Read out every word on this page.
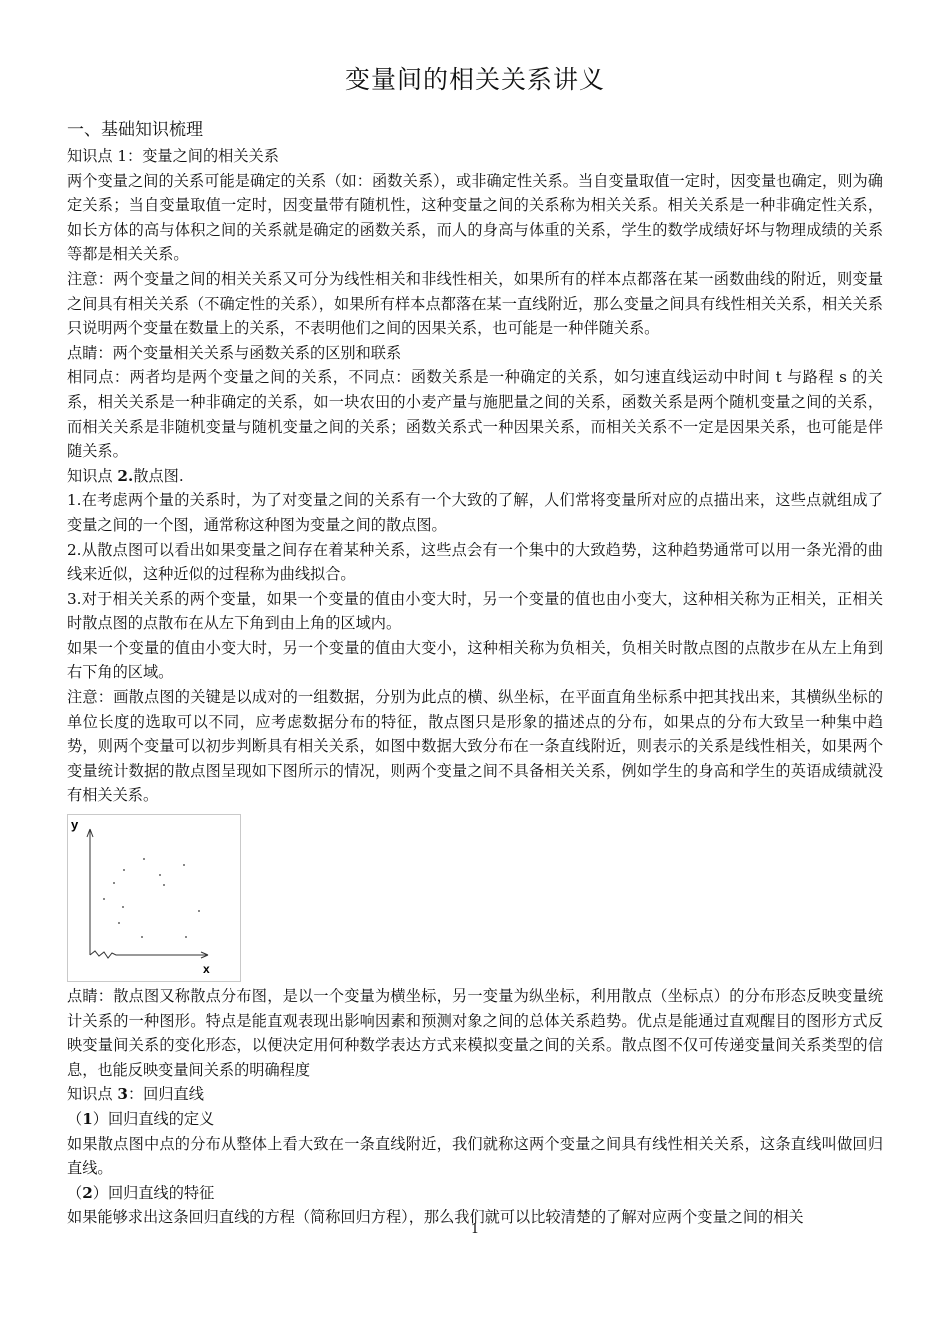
变量间的相关关系讲义

一、基础知识梳理

知识点 1：变量之间的相关关系

两个变量之间的关系可能是确定的关系（如：函数关系），或非确定性关系。当自变量取值一定时，因变量也确定，则为确定关系；当自变量取值一定时，因变量带有随机性，这种变量之间的关系称为相关关系。相关关系是一种非确定性关系，如长方体的高与体积之间的关系就是确定的函数关系，而人的身高与体重的关系，学生的数学成绩好坏与物理成绩的关系等都是相关关系。

注意：两个变量之间的相关关系又可分为线性相关和非线性相关，如果所有的样本点都落在某一函数曲线的附近，则变量之间具有相关关系（不确定性的关系），如果所有样本点都落在某一直线附近，那么变量之间具有线性相关关系，相关关系只说明两个变量在数量上的关系，不表明他们之间的因果关系，也可能是一种伴随关系。

点睛：两个变量相关关系与函数关系的区别和联系

相同点：两者均是两个变量之间的关系，不同点：函数关系是一种确定的关系，如匀速直线运动中时间 t 与路程 s 的关系，相关关系是一种非确定的关系，如一块农田的小麦产量与施肥量之间的关系，函数关系是两个随机变量之间的关系，而相关关系是非随机变量与随机变量之间的关系；函数关系式一种因果关系，而相关关系不一定是因果关系，也可能是伴随关系。

知识点 2.散点图.

1.在考虑两个量的关系时，为了对变量之间的关系有一个大致的了解，人们常将变量所对应的点描出来，这些点就组成了变量之间的一个图，通常称这种图为变量之间的散点图。

2.从散点图可以看出如果变量之间存在着某种关系，这些点会有一个集中的大致趋势，这种趋势通常可以用一条光滑的曲线来近似，这种近似的过程称为曲线拟合。

3.对于相关关系的两个变量，如果一个变量的值由小变大时，另一个变量的值也由小变大，这种相关称为正相关，正相关时散点图的点散布在从左下角到由上角的区域内。

如果一个变量的值由小变大时，另一个变量的值由大变小，这种相关称为负相关，负相关时散点图的点散步在从左上角到右下角的区域。

注意：画散点图的关键是以成对的一组数据，分别为此点的横、纵坐标，在平面直角坐标系中把其找出来，其横纵坐标的单位长度的选取可以不同，应考虑数据分布的特征，散点图只是形象的描述点的分布，如果点的分布大致呈一种集中趋势，则两个变量可以初步判断具有相关关系，如图中数据大致分布在一条直线附近，则表示的关系是线性相关，如果两个变量统计数据的散点图呈现如下图所示的情况，则两个变量之间不具备相关关系，例如学生的身高和学生的英语成绩就没有相关关系。

y
x

点睛：散点图又称散点分布图，是以一个变量为横坐标，另一变量为纵坐标，利用散点（坐标点）的分布形态反映变量统计关系的一种图形。特点是能直观表现出影响因素和预测对象之间的总体关系趋势。优点是能通过直观醒目的图形方式反映变量间关系的变化形态，以便决定用何种数学表达方式来模拟变量之间的关系。散点图不仅可传递变量间关系类型的信息，也能反映变量间关系的明确程度

知识点 3：回归直线

（1）回归直线的定义

如果散点图中点的分布从整体上看大致在一条直线附近，我们就称这两个变量之间具有线性相关关系，这条直线叫做回归直线。

（2）回归直线的特征

如果能够求出这条回归直线的方程（简称回归方程），那么我们就可以比较清楚的了解对应两个变量之间的相关

1
